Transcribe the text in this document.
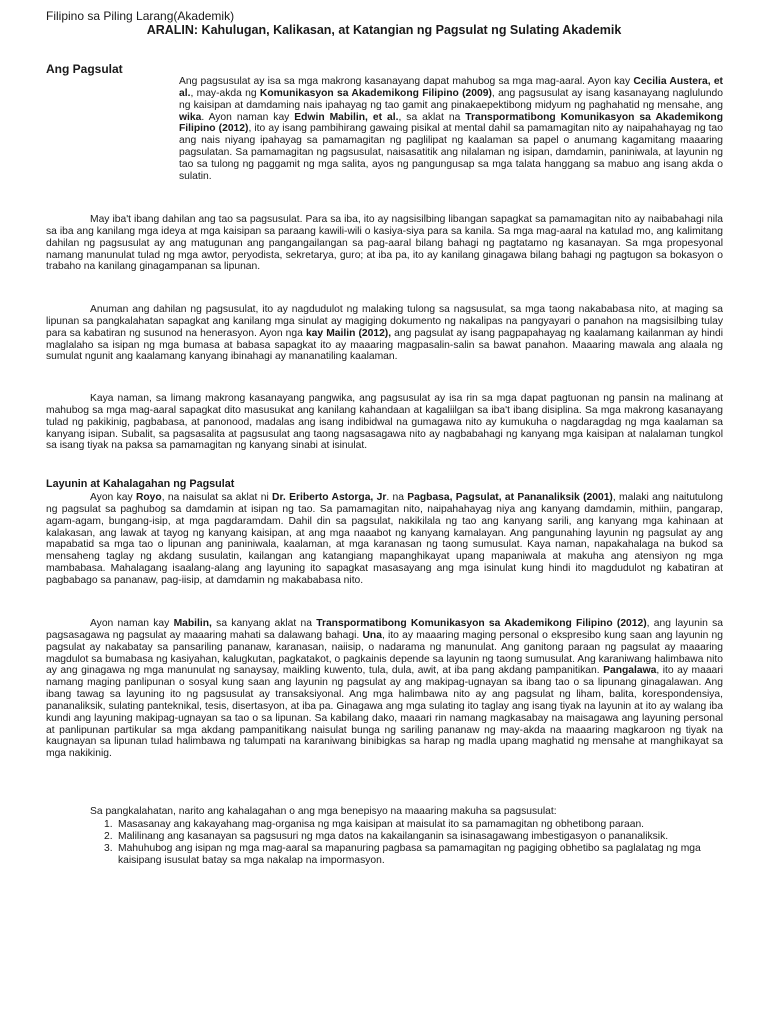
Filipino sa Piling Larang(Akademik)
ARALIN: Kahulugan, Kalikasan, at Katangian ng Pagsulat ng Sulating Akademik
Ang Pagsulat

Ang pagsusulat ay isa sa mga makrong kasanayang dapat mahubog sa mga mag-aaral. Ayon kay Cecilia Austera, et al., may-akda ng Komunikasyon sa Akademikong Filipino (2009), ang pagsusulat ay isang kasanayang naglulundo ng kaisipan at damdaming nais ipahayag ng tao gamit ang pinakaepektibong midyum ng paghahatid ng mensahe, ang wika. Ayon naman kay Edwin Mabilin, et al., sa aklat na Transpormatibong Komunikasyon sa Akademikong Filipino (2012), ito ay isang pambihirang gawaing pisikal at mental dahil sa pamamagitan nito ay naipahahayag ng tao ang nais niyang ipahayag sa pamamagitan ng paglilipat ng kaalaman sa papel o anumang kagamitang maaaring pagsulatan. Sa pamamagitan ng pagsusulat, naisasatitik ang nilalaman ng isipan, damdamin, paniniwala, at layunin ng tao sa tulong ng paggamit ng mga salita, ayos ng pangungusap sa mga talata hanggang sa mabuo ang isang akda o sulatin.

May iba't ibang dahilan ang tao sa pagsusulat. Para sa iba, ito ay nagsisilbing libangan sapagkat sa pamamagitan nito ay naibabahagi nila sa iba ang kanilang mga ideya at mga kaisipan sa paraang kawili-wili o kasiya-siya para sa kanila. Sa mga mag-aaral na katulad mo, ang kalimitang dahilan ng pagsusulat ay ang matugunan ang pangangailangan sa pag-aaral bilang bahagi ng pagtatamo ng kasanayan. Sa mga propesyonal namang manunulat tulad ng mga awtor, peryodista, sekretarya, guro; at iba pa, ito ay kanilang ginagawa bilang bahagi ng pagtugon sa bokasyon o trabaho na kanilang ginagampanan sa lipunan.

Anuman ang dahilan ng pagsusulat, ito ay nagdudulot ng malaking tulong sa nagsusulat, sa mga taong nakababasa nito, at maging sa lipunan sa pangkalahatan sapagkat ang kanilang mga sinulat ay magiging dokumento ng nakalipas na pangyayari o panahon na magsisilbing tulay para sa kabatiran ng susunod na henerasyon. Ayon nga kay Mailin (2012), ang pagsulat ay isang pagpapahayag ng kaalamang kailanman ay hindi maglalaho sa isipan ng mga bumasa at babasa sapagkat ito ay maaaring magpasalin-salin sa bawat panahon. Maaaring mawala ang alaala ng sumulat ngunit ang kaalamang kanyang ibinahagi ay mananatiling kaalaman.

Kaya naman, sa limang makrong kasanayang pangwika, ang pagsusulat ay isa rin sa mga dapat pagtuonan ng pansin na malinang at mahubog sa mga mag-aaral sapagkat dito masusukat ang kanilang kahandaan at kagaliilgan sa iba't ibang disiplina. Sa mga makrong kasanayang tulad ng pakikinig, pagbabasa, at panonood, madalas ang isang indibidwal na gumagawa nito ay kumukuha o nagdaragdag ng mga kaalaman sa kanyang isipan. Subalit, sa pagsasalita at pagsusulat ang taong nagsasagawa nito ay nagbabahagi ng kanyang mga kaisipan at nalalaman tungkol sa isang tiyak na paksa sa pamamagitan ng kanyang sinabi at isinulat.

Layunin at Kahalagahan ng Pagsulat

Ayon kay Royo, na naisulat sa aklat ni Dr. Eriberto Astorga, Jr. na Pagbasa, Pagsulat, at Pananaliksik (2001), malaki ang naitutulong ng pagsulat sa paghubog sa damdamin at isipan ng tao. Sa pamamagitan nito, naipahahayag niya ang kanyang damdamin, mithiin, pangarap, agam-agam, bungang-isip, at mga pagdaramdam. Dahil din sa pagsulat, nakikilala ng tao ang kanyang sarili, ang kanyang mga kahinaan at kalakasan, ang lawak at tayog ng kanyang kaisipan, at ang mga naaabot ng kanyang kamalayan. Ang pangunahing layunin ng pagsulat ay ang mapabatid sa mga tao o lipunan ang paniniwala, kaalaman, at mga karanasan ng taong sumusulat. Kaya naman, napakahalaga na bukod sa mensaheng taglay ng akdang susulatin, kailangan ang katangiang mapanghikayat upang mapaniwala at makuha ang atensiyon ng mga mambabasa. Mahalagang isaalang-alang ang layuning ito sapagkat masasayang ang mga isinulat kung hindi ito magdudulot ng kabatiran at pagbabago sa pananaw, pag-iisip, at damdamin ng makababasa nito.

Ayon naman kay Mabilin, sa kanyang aklat na Transpormatibong Komunikasyon sa Akademikong Filipino (2012), ang layunin sa pagsasagawa ng pagsulat ay maaaring mahati sa dalawang bahagi. Una, ito ay maaaring maging personal o ekspresibo kung saan ang layunin ng pagsulat ay nakabatay sa pansariling pananaw, karanasan, naiisip, o nadarama ng manunulat. Ang ganitong paraan ng pagsulat ay maaaring magdulot sa bumabasa ng kasiyahan, kalugkutan, pagkatakot, o pagkainis depende sa layunin ng taong sumusulat. Ang karaniwang halimbawa nito ay ang ginagawa ng mga manunulat ng sanaysay, maikling kuwento, tula, dula, awit, at iba pang akdang pampanitikan. Pangalawa, ito ay maaari namang maging panlipunan o sosyal kung saan ang layunin ng pagsulat ay ang makipag-ugnayan sa ibang tao o sa lipunang ginagalawan. Ang ibang tawag sa layuning ito ng pagsusulat ay transaksiyonal. Ang mga halimbawa nito ay ang pagsulat ng liham, balita, korespondensiya, pananaliksik, sulating panteknikal, tesis, disertasyon, at iba pa. Ginagawa ang mga sulating ito taglay ang isang tiyak na layunin at ito ay walang iba kundi ang layuning makipag-ugnayan sa tao o sa lipunan. Sa kabilang dako, maaari rin namang magkasabay na maisagawa ang layuning personal at panlipunan partikular sa mga akdang pampanitikang naisulat bunga ng sariling pananaw ng may-akda na maaaring magkaroon ng tiyak na kaugnayan sa lipunan tulad halimbawa ng talumpati na karaniwang binibigkas sa harap ng madla upang maghatid ng mensahe at manghikayat sa mga nakikinig.

Sa pangkalahatan, narito ang kahalagahan o ang mga benepisyo na maaaring makuha sa pagsusulat:

1. Masasanay ang kakayahang mag-organisa ng mga kaisipan at maisulat ito sa pamamagitan ng obhetibong paraan.
2. Malilinang ang kasanayan sa pagsusuri ng mga datos na kakailanganin sa isinasagawang imbestigasyon o pananaliksik.
3. Mahuhubog ang isipan ng mga mag-aaral sa mapanuring pagbasa sa pamamagitan ng pagiging obhetibo sa paglalatag ng mga kaisipang isusulat batay sa mga nakalap na impormasyon.
